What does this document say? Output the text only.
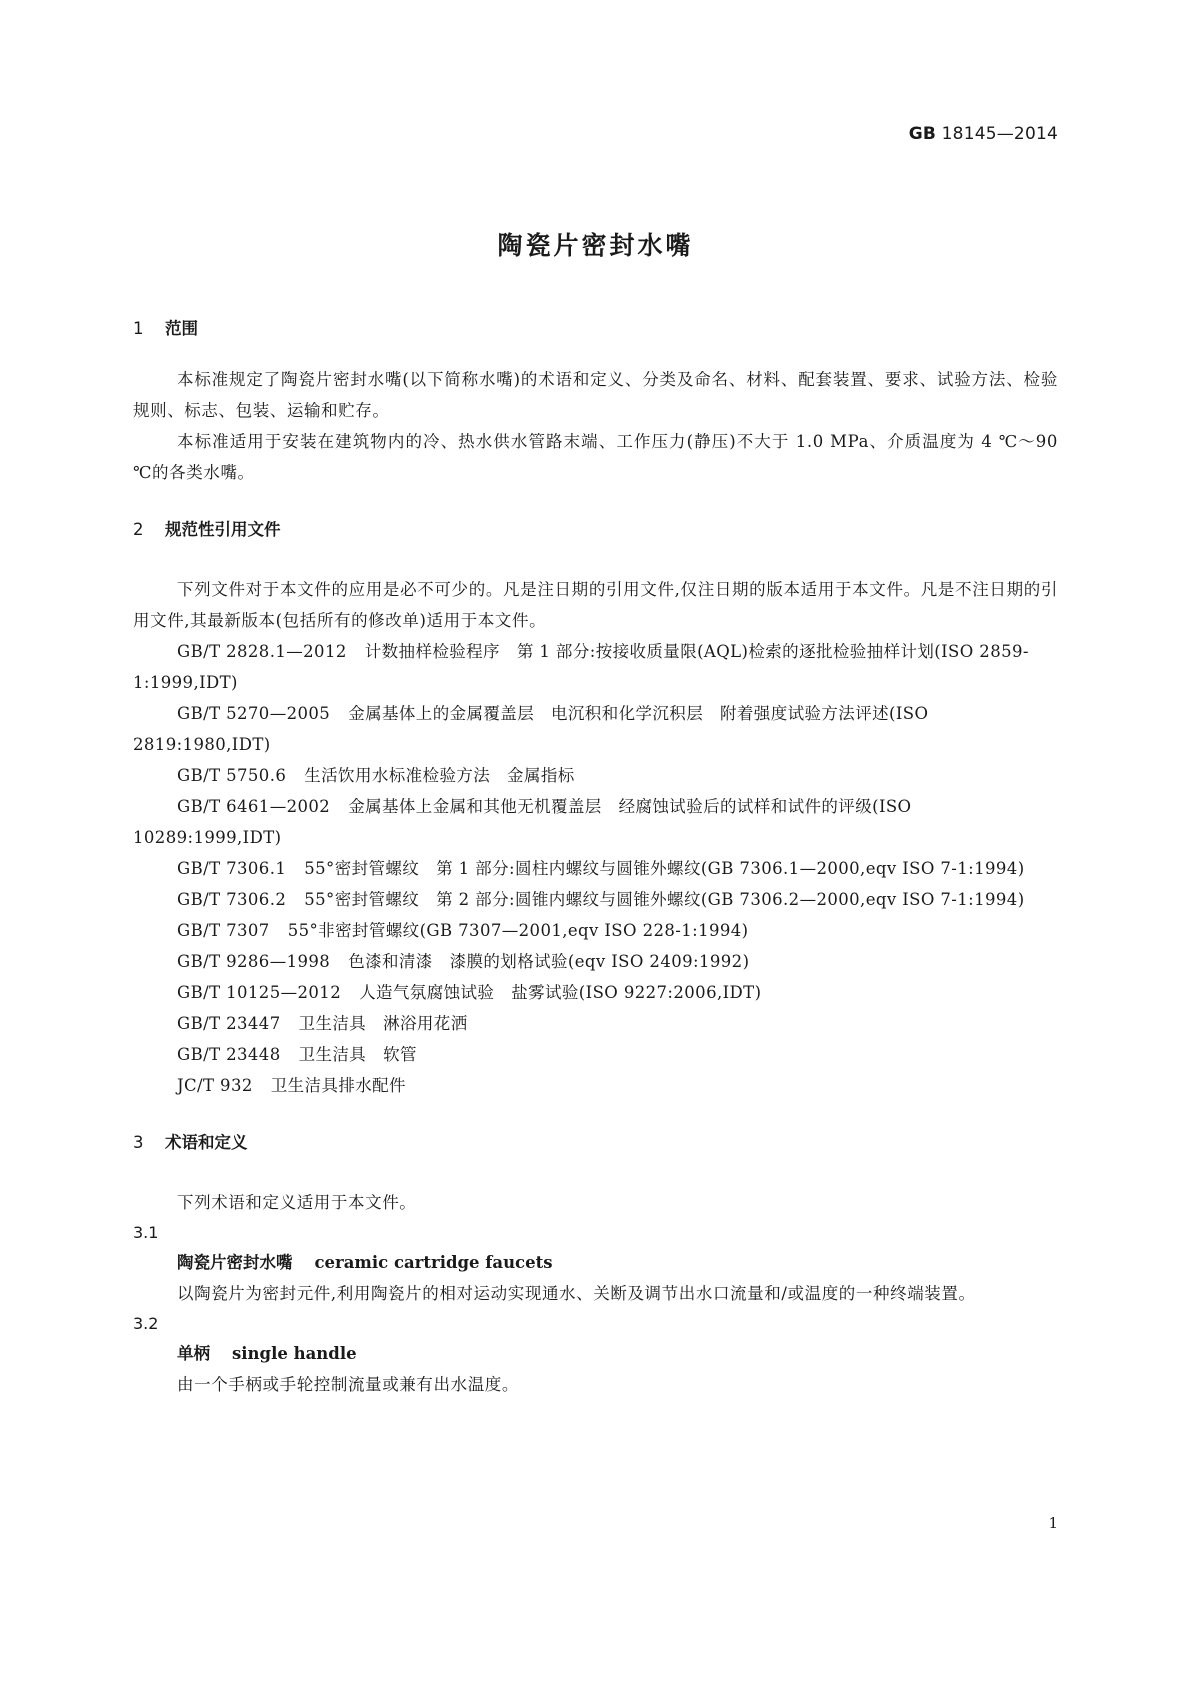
GB 18145—2014
陶瓷片密封水嘴
1 范围

本标准规定了陶瓷片密封水嘴(以下简称水嘴)的术语和定义、分类及命名、材料、配套装置、要求、试验方法、检验规则、标志、包装、运输和贮存。

本标准适用于安装在建筑物内的冷、热水供水管路末端、工作压力(静压)不大于 1.0 MPa、介质温度为 4 ℃～90 ℃的各类水嘴。

2 规范性引用文件

下列文件对于本文件的应用是必不可少的。凡是注日期的引用文件,仅注日期的版本适用于本文件。凡是不注日期的引用文件,其最新版本(包括所有的修改单)适用于本文件。

GB/T 2828.1—2012 计数抽样检验程序　第 1 部分:按接收质量限(AQL)检索的逐批检验抽样计划(ISO 2859-1:1999,IDT)

GB/T 5270—2005 金属基体上的金属覆盖层　电沉积和化学沉积层　附着强度试验方法评述(ISO 2819:1980,IDT)

GB/T 5750.6 生活饮用水标准检验方法　金属指标

GB/T 6461—2002 金属基体上金属和其他无机覆盖层　经腐蚀试验后的试样和试件的评级(ISO 10289:1999,IDT)

GB/T 7306.1 55°密封管螺纹　第 1 部分:圆柱内螺纹与圆锥外螺纹(GB 7306.1—2000,eqv ISO 7-1:1994)

GB/T 7306.2 55°密封管螺纹　第 2 部分:圆锥内螺纹与圆锥外螺纹(GB 7306.2—2000,eqv ISO 7-1:1994)

GB/T 7307 55°非密封管螺纹(GB 7307—2001,eqv ISO 228-1:1994)

GB/T 9286—1998 色漆和清漆　漆膜的划格试验(eqv ISO 2409:1992)

GB/T 10125—2012 人造气氛腐蚀试验　盐雾试验(ISO 9227:2006,IDT)

GB/T 23447 卫生洁具　淋浴用花洒

GB/T 23448 卫生洁具　软管

JC/T 932 卫生洁具排水配件

3 术语和定义

下列术语和定义适用于本文件。

3.1

陶瓷片密封水嘴 ceramic cartridge faucets

以陶瓷片为密封元件,利用陶瓷片的相对运动实现通水、关断及调节出水口流量和/或温度的一种终端装置。

3.2

单柄 single handle

由一个手柄或手轮控制流量或兼有出水温度。

1
